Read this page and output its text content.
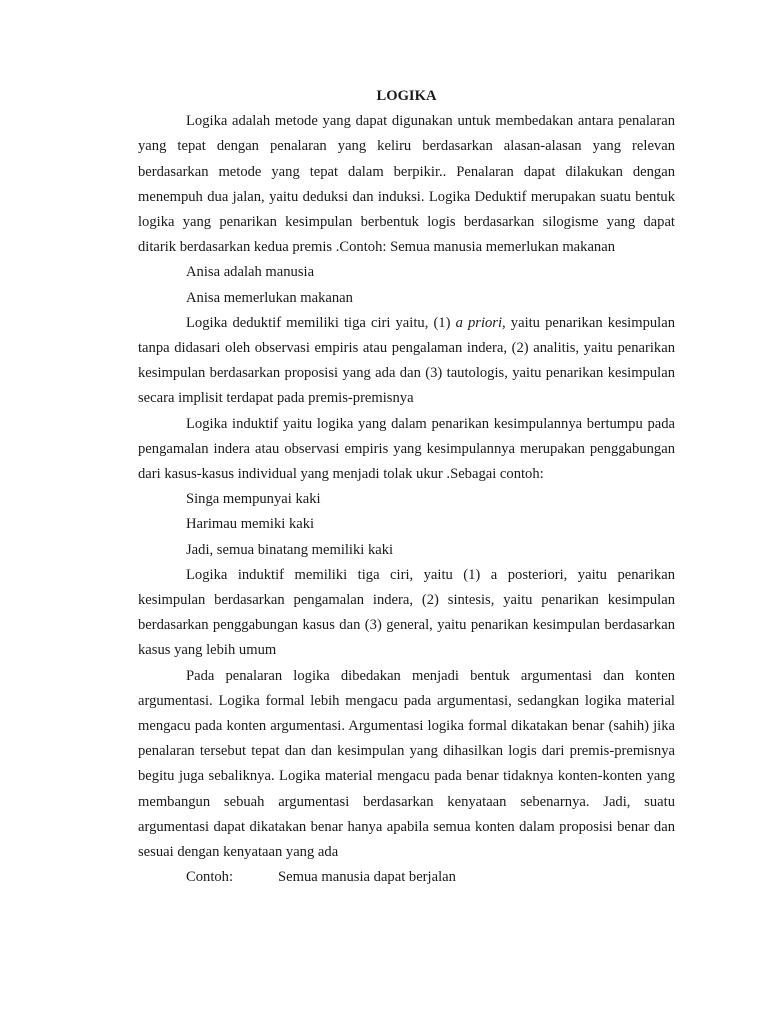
LOGIKA

Logika adalah metode yang dapat digunakan untuk membedakan antara penalaran yang tepat dengan penalaran yang keliru berdasarkan alasan-alasan yang relevan berdasarkan metode yang tepat dalam berpikir.. Penalaran dapat dilakukan dengan menempuh dua jalan, yaitu deduksi dan induksi. Logika Deduktif merupakan suatu bentuk logika yang penarikan kesimpulan berbentuk logis berdasarkan silogisme yang dapat ditarik berdasarkan kedua premis .Contoh: Semua manusia memerlukan makanan

Anisa adalah manusia

Anisa memerlukan makanan

Logika deduktif memiliki tiga ciri yaitu, (1) a priori, yaitu penarikan kesimpulan tanpa didasari oleh observasi empiris atau pengalaman indera, (2) analitis, yaitu penarikan kesimpulan berdasarkan proposisi yang ada dan (3) tautologis, yaitu penarikan kesimpulan secara implisit terdapat pada premis-premisnya

Logika induktif yaitu logika yang dalam penarikan kesimpulannya bertumpu pada pengamalan indera atau observasi empiris yang kesimpulannya merupakan penggabungan dari kasus-kasus individual yang menjadi tolak ukur .Sebagai contoh:

Singa mempunyai kaki

Harimau memiki kaki

Jadi, semua binatang memiliki kaki

Logika induktif memiliki tiga ciri, yaitu (1) a posteriori, yaitu penarikan kesimpulan berdasarkan pengamalan indera, (2) sintesis, yaitu penarikan kesimpulan berdasarkan penggabungan kasus dan (3) general, yaitu penarikan kesimpulan berdasarkan kasus yang lebih umum

Pada penalaran logika dibedakan menjadi bentuk argumentasi dan konten argumentasi. Logika formal lebih mengacu pada argumentasi, sedangkan logika material mengacu pada konten argumentasi. Argumentasi logika formal dikatakan benar (sahih) jika penalaran tersebut tepat dan dan kesimpulan yang dihasilkan logis dari premis-premisnya begitu juga sebaliknya. Logika material mengacu pada benar tidaknya konten-konten yang membangun sebuah argumentasi berdasarkan kenyataan sebenarnya. Jadi, suatu argumentasi dapat dikatakan benar hanya apabila semua konten dalam proposisi benar dan sesuai dengan kenyataan yang ada

Contoh:	Semua manusia dapat berjalan
